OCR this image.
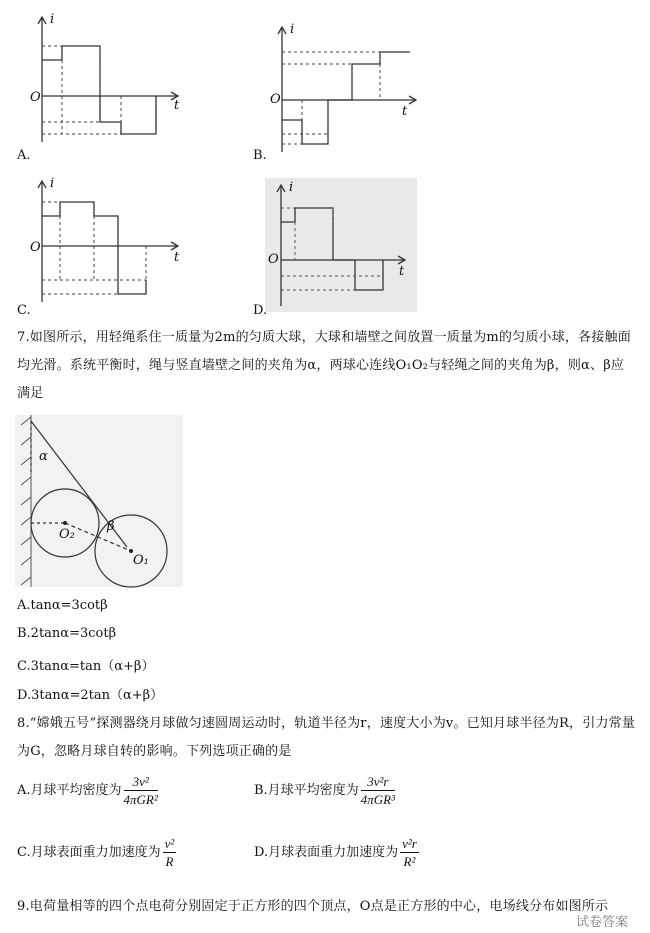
i
t
O
A.
i
t
O
B.
i
t
O
C.
i
t
O
D.
7.如图所示，用轻绳系住一质量为2m的匀质大球，大球和墙壁之间放置一质量为m的匀质小球，各接触面均光滑。系统平衡时，绳与竖直墙壁之间的夹角为α，两球心连线O₁O₂与轻绳之间的夹角为β，则α、β应满足
α
β
O₁
O₂
A.tanα=3cotβ
B.2tanα=3cotβ
C.3tanα=tan（α+β）
D.3tanα=2tan（α+β）
8.“嫦娥五号”探测器绕月球做匀速圆周运动时，轨道半径为r，速度大小为v。已知月球半径为R，引力常量为G，忽略月球自转的影响。下列选项正确的是
A.月球平均密度为 $\frac{\text{3v²}}{\text{4πGR²}}$	B.月球平均密度为 $\frac{\text{3v²r}}{\text{4πGR³}}$
C.月球表面重力加速度为 $\frac{\text{v²}}{R}$	D.月球表面重力加速度为 $\frac{\text{v²r}}{\text{R²}}$
9.电荷量相等的四个点电荷分别固定于正方形的四个顶点，O点是正方形的中心，电场线分布如图所示
试卷答案
